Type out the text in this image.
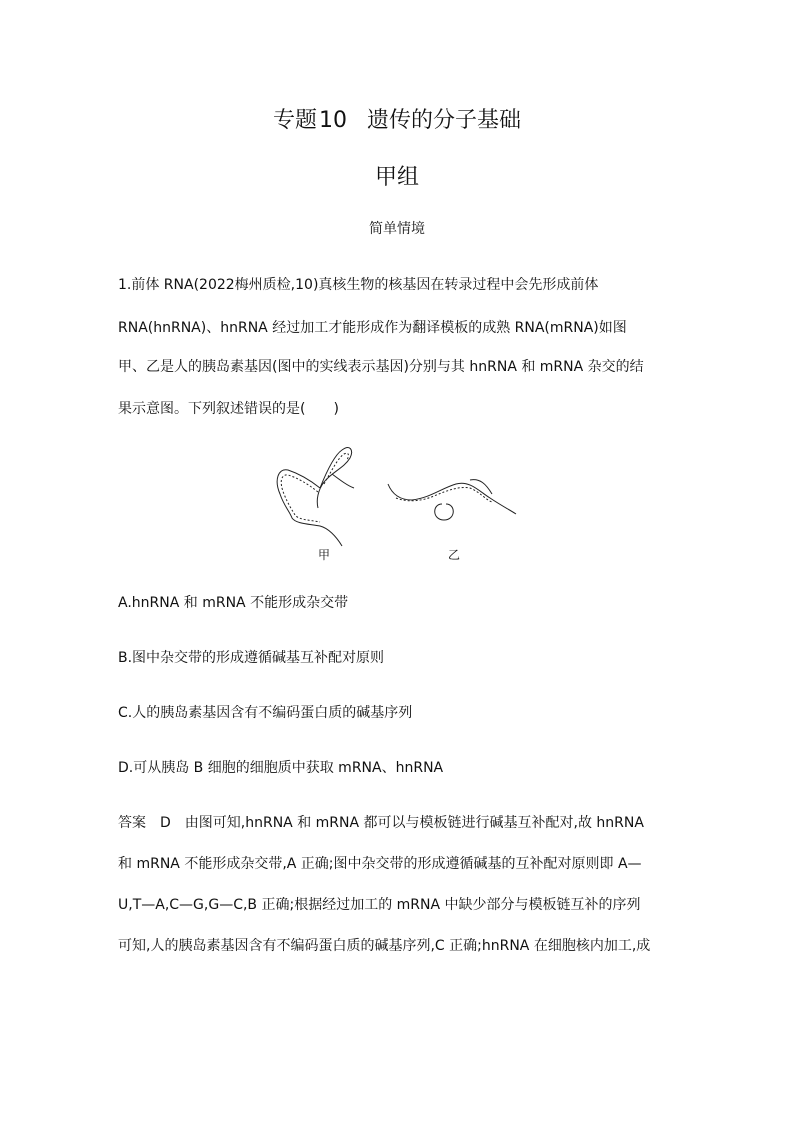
专题10 遗传的分子基础
甲组
简单情境
1.前体 RNA(2022梅州质检,10)真核生物的核基因在转录过程中会先形成前体
RNA(hnRNA)、hnRNA 经过加工才能形成作为翻译模板的成熟 RNA(mRNA)如图
甲、乙是人的胰岛素基因(图中的实线表示基因)分别与其 hnRNA 和 mRNA 杂交的结
果示意图。下列叙述错误的是(　　)
甲	乙
A.hnRNA 和 mRNA 不能形成杂交带
B.图中杂交带的形成遵循碱基互补配对原则
C.人的胰岛素基因含有不编码蛋白质的碱基序列
D.可从胰岛 B 细胞的细胞质中获取 mRNA、hnRNA
答案　D　由图可知,hnRNA 和 mRNA 都可以与模板链进行碱基互补配对,故 hnRNA
和 mRNA 不能形成杂交带,A 正确;图中杂交带的形成遵循碱基的互补配对原则即 A—
U,T—A,C—G,G—C,B 正确;根据经过加工的 mRNA 中缺少部分与模板链互补的序列
可知,人的胰岛素基因含有不编码蛋白质的碱基序列,C 正确;hnRNA 在细胞核内加工,成
